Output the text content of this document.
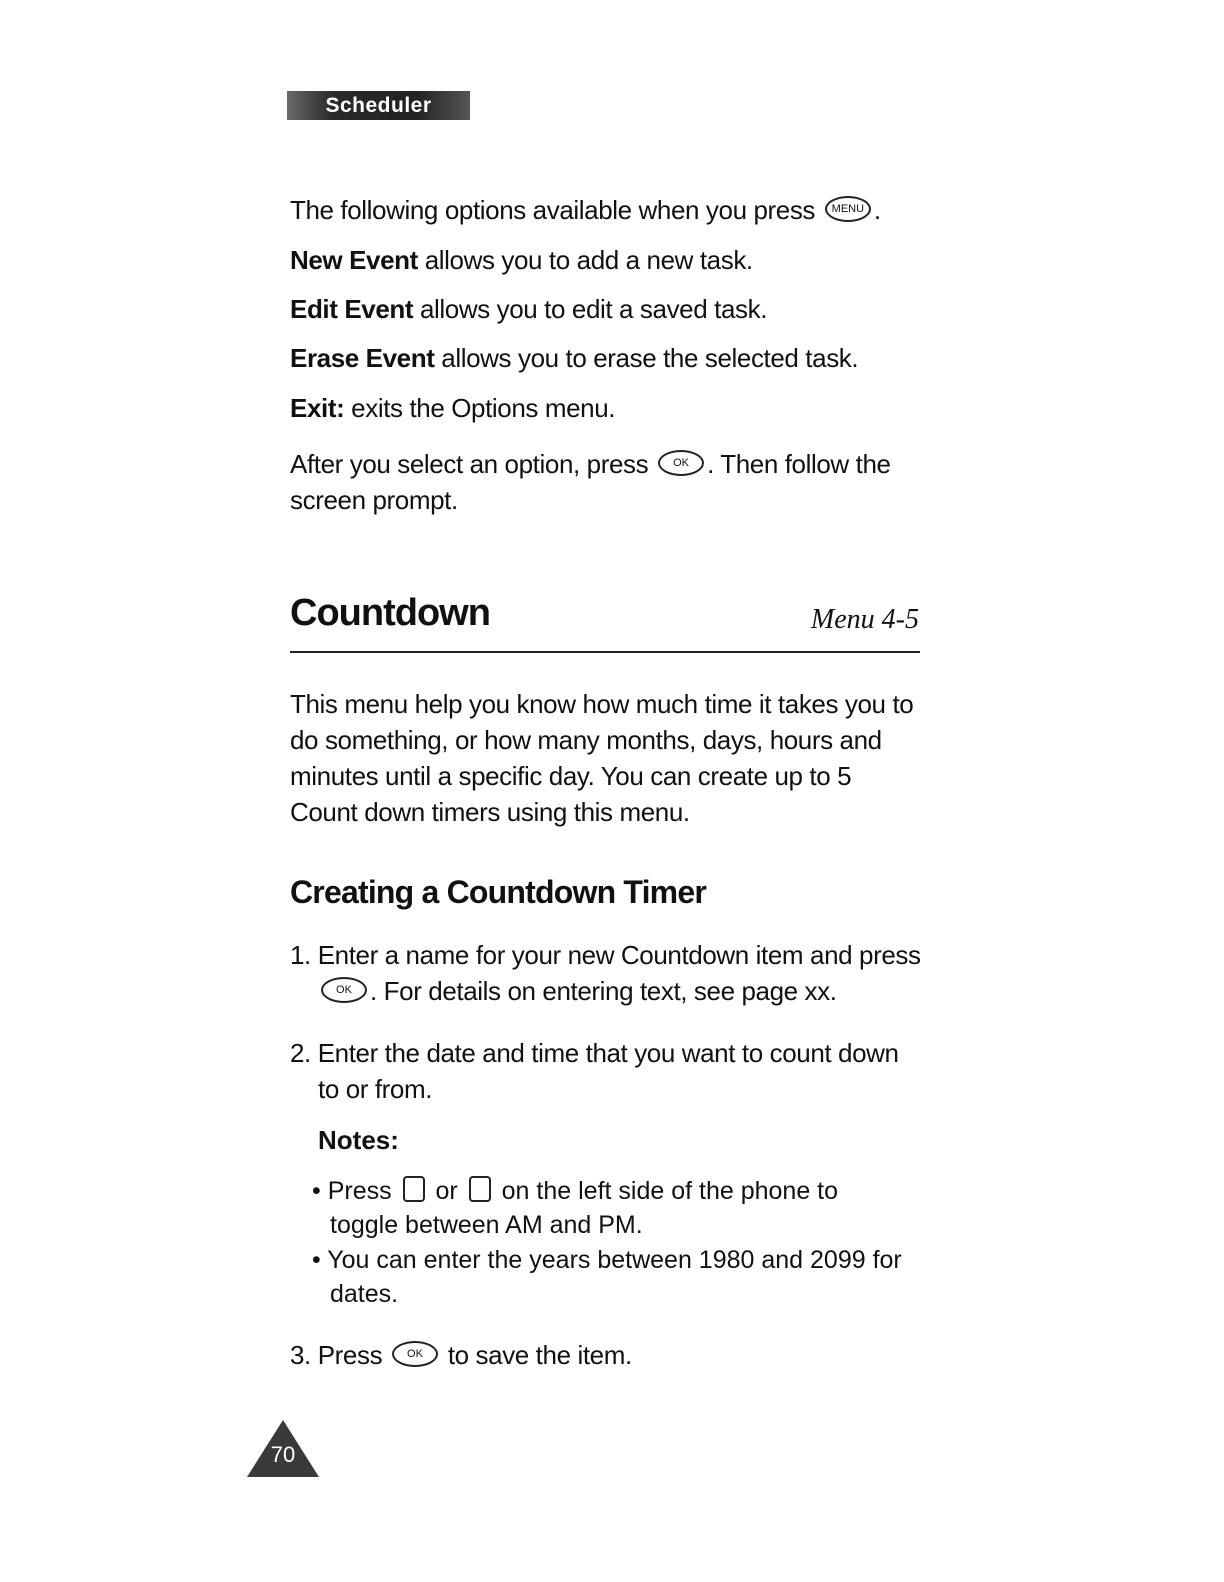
Scheduler
The following options available when you press MENU .
New Event allows you to add a new task.
Edit Event allows you to edit a saved task.
Erase Event allows you to erase the selected task.
Exit: exits the Options menu.
After you select an option, press OK . Then follow the
screen prompt.
Countdown	Menu 4-5
This menu help you know how much time it takes you to
do something, or how many months, days, hours and
minutes until a specific day. You can create up to 5
Count down timers using this menu.
Creating a Countdown Timer
1. Enter a name for your new Countdown item and press
OK . For details on entering text, see page xx.
2. Enter the date and time that you want to count down
to or from.
Notes:
• Press or on the left side of the phone to
toggle between AM and PM.
• You can enter the years between 1980 and 2099 for
dates.
3. Press OK to save the item.
70
